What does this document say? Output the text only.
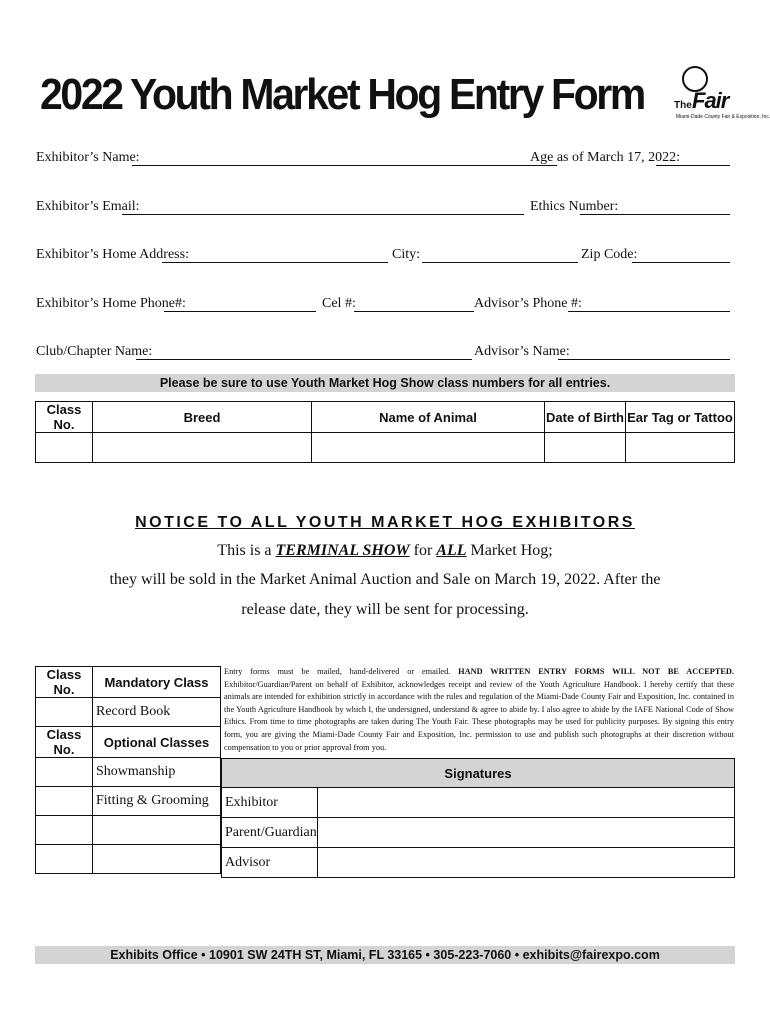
2022 Youth Market Hog Entry Form	The Fair
Miami-Dade County Fair & Exposition, Inc.
Exhibitor’s Name:	Age as of March 17, 2022:
Exhibitor’s Email:	Ethics Number:
Exhibitor’s Home Address:	City:	Zip Code:
Exhibitor’s Home Phone#:	Cel #:	Advisor’s Phone #:
Club/Chapter Name:	Advisor’s Name:
Please be sure to use Youth Market Hog Show class numbers for all entries.
Class No.	Breed	Name of Animal	Date of Birth	Ear Tag or Tattoo

NOTICE TO ALL YOUTH MARKET HOG EXHIBITORS
This is a TERMINAL SHOW for ALL Market Hog;
they will be sold in the Market Animal Auction and Sale on March 19, 2022. After the
release date, they will be sent for processing.
Class No.	Mandatory Class
	Record Book
Class No.	Optional Classes
	Showmanship
	Fitting & Grooming

Entry forms must be mailed, hand-delivered or emailed. HAND WRITTEN ENTRY FORMS WILL NOT BE ACCEPTED. Exhibitor/Guardian/Parent on behalf of Exhibitor, acknowledges receipt and review of the Youth Agriculture Handbook. I hereby certify that these animals are intended for exhibition strictly in accordance with the rules and regulation of the Miami-Dade County Fair and Exposition, Inc. contained in the Youth Agriculture Handbook by which I, the undersigned, understand & agree to abide by. I also agree to abide by the IAFE National Code of Show Ethics. From time to time photographs are taken during The Youth Fair. These photographs may be used for publicity purposes. By signing this entry form, you are giving the Miami-Dade County Fair and Exposition, Inc. permission to use and publish such photographs at their discretion without compensation to you or prior approval from you.
Signatures	
Exhibitor	
Parent/Guardian	
Advisor	
Exhibits Office • 10901 SW 24TH ST, Miami, FL 33165 • 305-223-7060 • exhibits@fairexpo.com
